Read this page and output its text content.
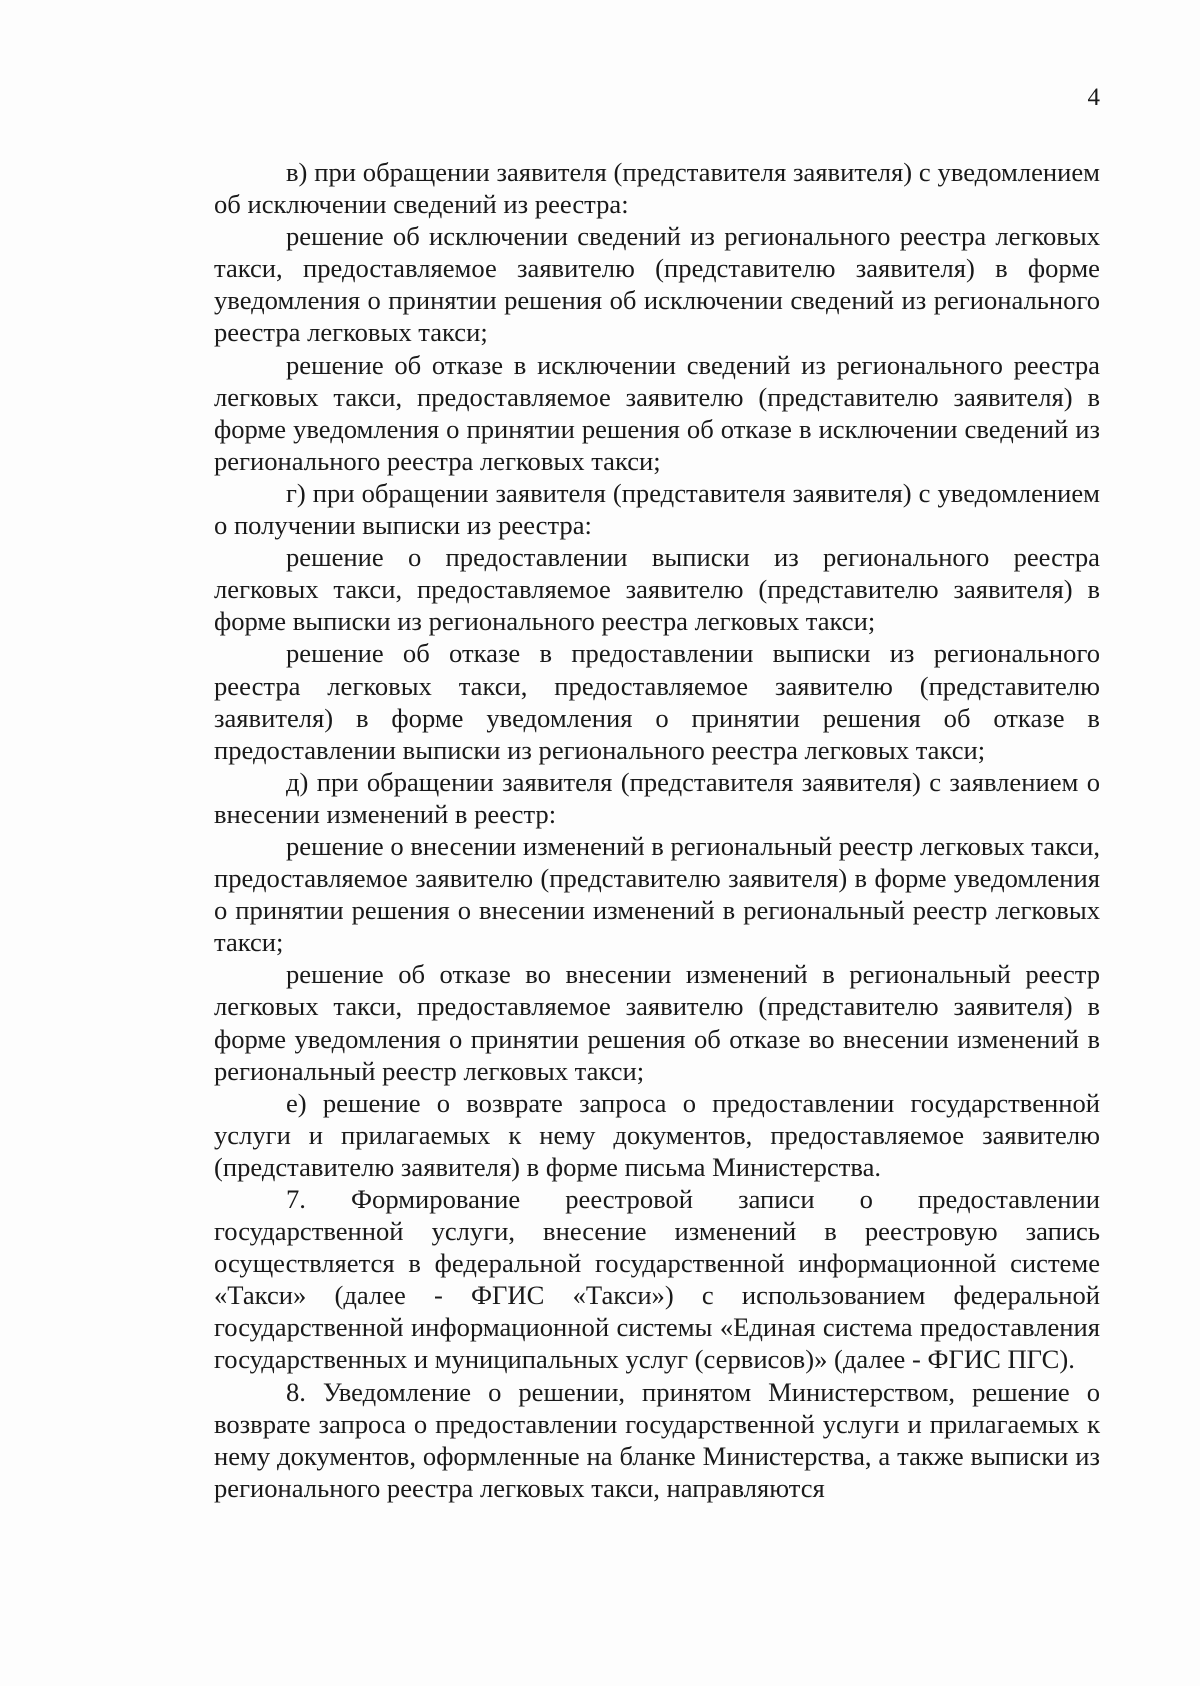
4

в) при обращении заявителя (представителя заявителя) с уведомлением об исключении сведений из реестра:

решение об исключении сведений из регионального реестра легковых такси, предоставляемое заявителю (представителю заявителя) в форме уведомления о принятии решения об исключении сведений из регионального реестра легковых такси;

решение об отказе в исключении сведений из регионального реестра легковых такси, предоставляемое заявителю (представителю заявителя) в форме уведомления о принятии решения об отказе в исключении сведений из регионального реестра легковых такси;

г) при обращении заявителя (представителя заявителя) с уведомлением о получении выписки из реестра:

решение о предоставлении выписки из регионального реестра легковых такси, предоставляемое заявителю (представителю заявителя) в форме выписки из регионального реестра легковых такси;

решение об отказе в предоставлении выписки из регионального реестра легковых такси, предоставляемое заявителю (представителю заявителя) в форме уведомления о принятии решения об отказе в предоставлении выписки из регионального реестра легковых такси;

д) при обращении заявителя (представителя заявителя) с заявлением о внесении изменений в реестр:

решение о внесении изменений в региональный реестр легковых такси, предоставляемое заявителю (представителю заявителя) в форме уведомления о принятии решения о внесении изменений в региональный реестр легковых такси;

решение об отказе во внесении изменений в региональный реестр легковых такси, предоставляемое заявителю (представителю заявителя) в форме уведомления о принятии решения об отказе во внесении изменений в региональный реестр легковых такси;

е) решение о возврате запроса о предоставлении государственной услуги и прилагаемых к нему документов, предоставляемое заявителю (представителю заявителя) в форме письма Министерства.

7. Формирование реестровой записи о предоставлении государственной услуги, внесение изменений в реестровую запись осуществляется в федеральной государственной информационной системе «Такси» (далее - ФГИС «Такси») с использованием федеральной государственной информационной системы «Единая система предоставления государственных и муниципальных услуг (сервисов)» (далее - ФГИС ПГС).

8. Уведомление о решении, принятом Министерством, решение о возврате запроса о предоставлении государственной услуги и прилагаемых к нему документов, оформленные на бланке Министерства, а также выписки из регионального реестра легковых такси, направляются
